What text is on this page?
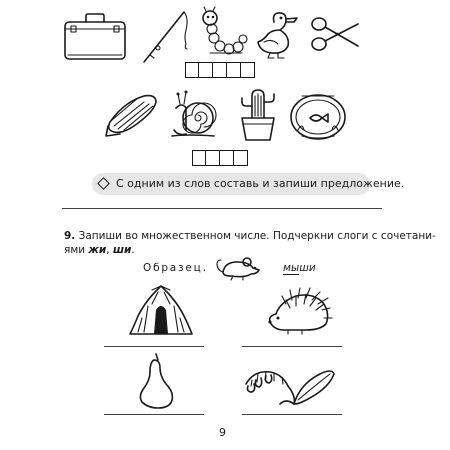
С одним из слов составь и запиши предложение.
9. Запиши во множественном числе. Подчеркни слоги с сочетани-
ями жи, ши.
Образец.	мыши
9
